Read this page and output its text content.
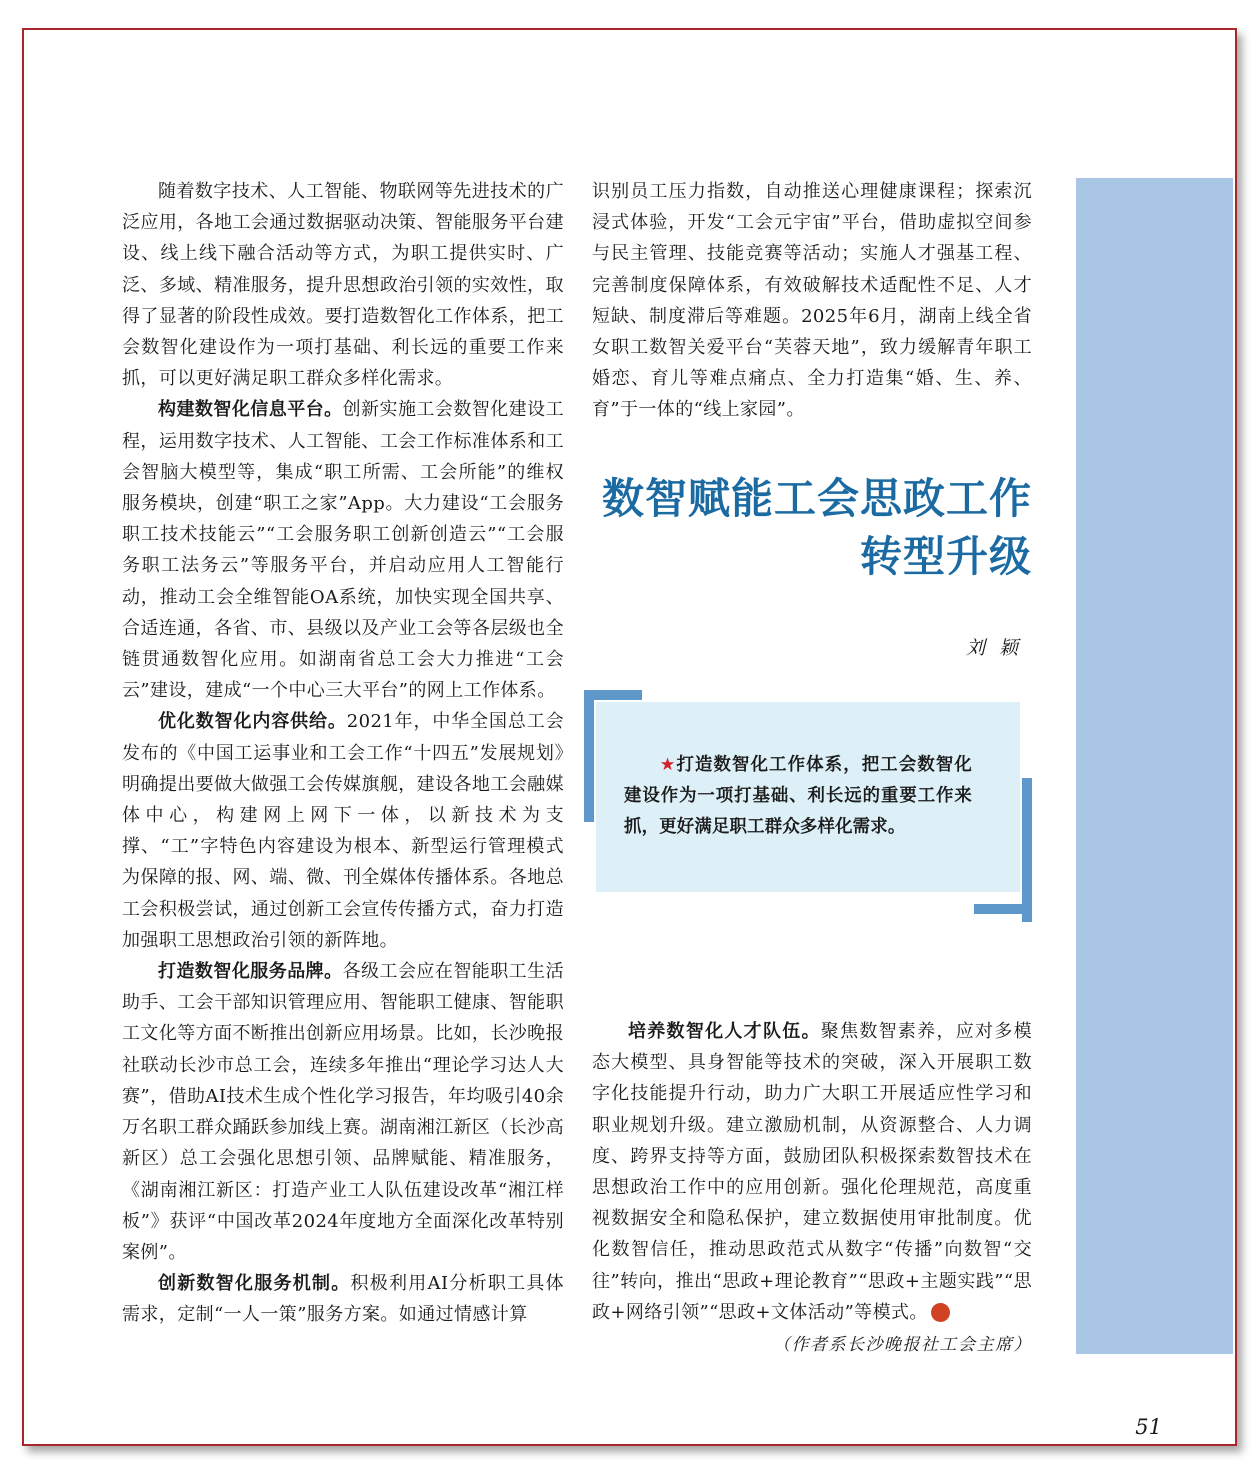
随着数字技术、人工智能、物联网等先进技术的广泛应用，各地工会通过数据驱动决策、智能服务平台建设、线上线下融合活动等方式，为职工提供实时、广泛、多域、精准服务，提升思想政治引领的实效性，取得了显著的阶段性成效。要打造数智化工作体系，把工会数智化建设作为一项打基础、利长远的重要工作来抓，可以更好满足职工群众多样化需求。

构建数智化信息平台。创新实施工会数智化建设工程，运用数字技术、人工智能、工会工作标准体系和工会智脑大模型等，集成“职工所需、工会所能”的维权服务模块，创建“职工之家”App。大力建设“工会服务职工技术技能云”“工会服务职工创新创造云”“工会服务职工法务云”等服务平台，并启动应用人工智能行动，推动工会全维智能OA系统，加快实现全国共享、合适连通，各省、市、县级以及产业工会等各层级也全链贯通数智化应用。如湖南省总工会大力推进“工会云”建设，建成“一个中心三大平台”的网上工作体系。

优化数智化内容供给。2021年，中华全国总工会发布的《中国工运事业和工会工作“十四五”发展规划》明确提出要做大做强工会传媒旗舰，建设各地工会融媒体中心，构建网上网下一体，以新技术为支撑、“工”字特色内容建设为根本、新型运行管理模式为保障的报、网、端、微、刊全媒体传播体系。各地总工会积极尝试，通过创新工会宣传传播方式，奋力打造加强职工思想政治引领的新阵地。

打造数智化服务品牌。各级工会应在智能职工生活助手、工会干部知识管理应用、智能职工健康、智能职工文化等方面不断推出创新应用场景。比如，长沙晚报社联动长沙市总工会，连续多年推出“理论学习达人大赛”，借助AI技术生成个性化学习报告，年均吸引40余万名职工群众踊跃参加线上赛。湖南湘江新区（长沙高新区）总工会强化思想引领、品牌赋能、精准服务，《湖南湘江新区：打造产业工人队伍建设改革“湘江样板”》获评“中国改革2024年度地方全面深化改革特别案例”。

创新数智化服务机制。积极利用AI分析职工具体需求，定制“一人一策”服务方案。如通过情感计算

识别员工压力指数，自动推送心理健康课程；探索沉浸式体验，开发“工会元宇宙”平台，借助虚拟空间参与民主管理、技能竞赛等活动；实施人才强基工程、完善制度保障体系，有效破解技术适配性不足、人才短缺、制度滞后等难题。2025年6月，湖南上线全省女职工数智关爱平台“芙蓉天地”，致力缓解青年职工婚恋、育儿等难点痛点、全力打造集“婚、生、养、育”于一体的“线上家园”。

数智赋能工会思政工作
转型升级
刘颖
★打造数智化工作体系，把工会数智化建设作为一项打基础、利长远的重要工作来抓，更好满足职工群众多样化需求。

培养数智化人才队伍。聚焦数智素养，应对多模态大模型、具身智能等技术的突破，深入开展职工数字化技能提升行动，助力广大职工开展适应性学习和职业规划升级。建立激励机制，从资源整合、人力调度、跨界支持等方面，鼓励团队积极探索数智技术在思想政治工作中的应用创新。强化伦理规范，高度重视数据安全和隐私保护，建立数据使用审批制度。优化数智信任，推动思政范式从数字“传播”向数智“交往”转向，推出“思政+理论教育”“思政+主题实践”“思政+网络引领”“思政+文体活动”等模式。	工

（作者系长沙晚报社工会主席）
51
